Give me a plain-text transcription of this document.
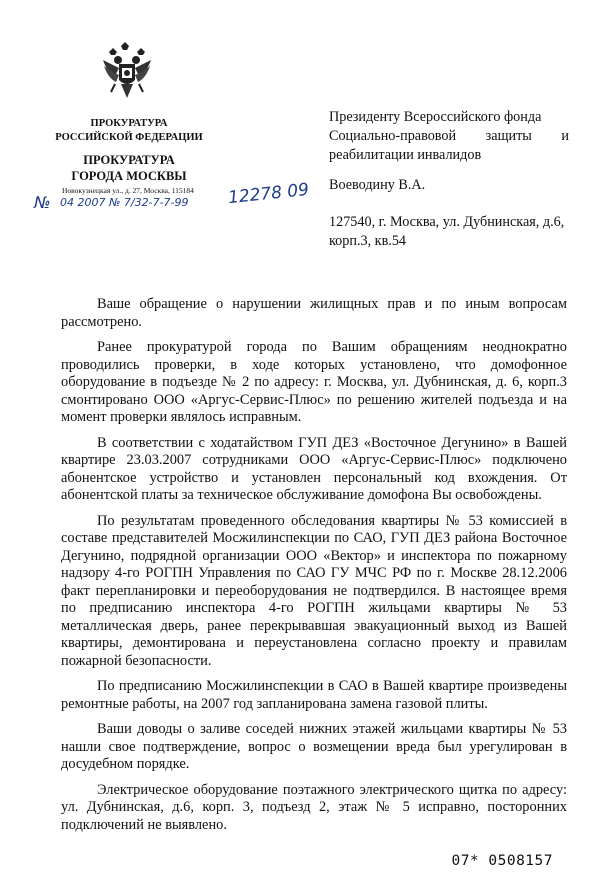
ПРОКУРАТУРА
РОССИЙСКОЙ ФЕДЕРАЦИИ
ПРОКУРАТУРА
ГОРОДА МОСКВЫ
Новокузнецкая ул., д. 27, Москва, 115184
№ 04 2007 № 7/32-7-7-99 12278 09
Президенту Всероссийского фонда
Социально-правовой защиты и
реабилитации инвалидов
Воеводину В.А.
127540, г. Москва, ул. Дубнинская, д.6, корп.3, кв.54

Ваше обращение о нарушении жилищных прав и по иным вопросам рассмотрено.

Ранее прокуратурой города по Вашим обращениям неоднократно проводились проверки, в ходе которых установлено, что домофонное оборудование в подъезде № 2 по адресу: г. Москва, ул. Дубнинская, д. 6, корп.3 смонтировано ООО «Аргус-Сервис-Плюс» по решению жителей подъезда и на момент проверки являлось исправным.

В соответствии с ходатайством ГУП ДЕЗ «Восточное Дегунино» в Вашей квартире 23.03.2007 сотрудниками ООО «Аргус-Сервис-Плюс» подключено абонентское устройство и установлен персональный код вхождения. От абонентской платы за техническое обслуживание домофона Вы освобождены.

По результатам проведенного обследования квартиры № 53 комиссией в составе представителей Мосжилинспекции по САО, ГУП ДЕЗ района Восточное Дегунино, подрядной организации ООО «Вектор» и инспектора по пожарному надзору 4-го РОГПН Управления по САО ГУ МЧС РФ по г. Москве 28.12.2006 факт перепланировки и переоборудования не подтвердился. В настоящее время по предписанию инспектора 4-го РОГПН жильцами квартиры № 53 металлическая дверь, ранее перекрывавшая эвакуационный выход из Вашей квартиры, демонтирована и переустановлена согласно проекту и правилам пожарной безопасности.

По предписанию Мосжилинспекции в САО в Вашей квартире произведены ремонтные работы, на 2007 год запланирована замена газовой плиты.

Ваши доводы о заливе соседей нижних этажей жильцами квартиры № 53 нашли свое подтверждение, вопрос о возмещении вреда был урегулирован в досудебном порядке.

Электрическое оборудование поэтажного электрического щитка по адресу: ул. Дубнинская, д.6, корп. 3, подъезд 2, этаж № 5 исправно, посторонних подключений не выявлено.

07* 0508157
